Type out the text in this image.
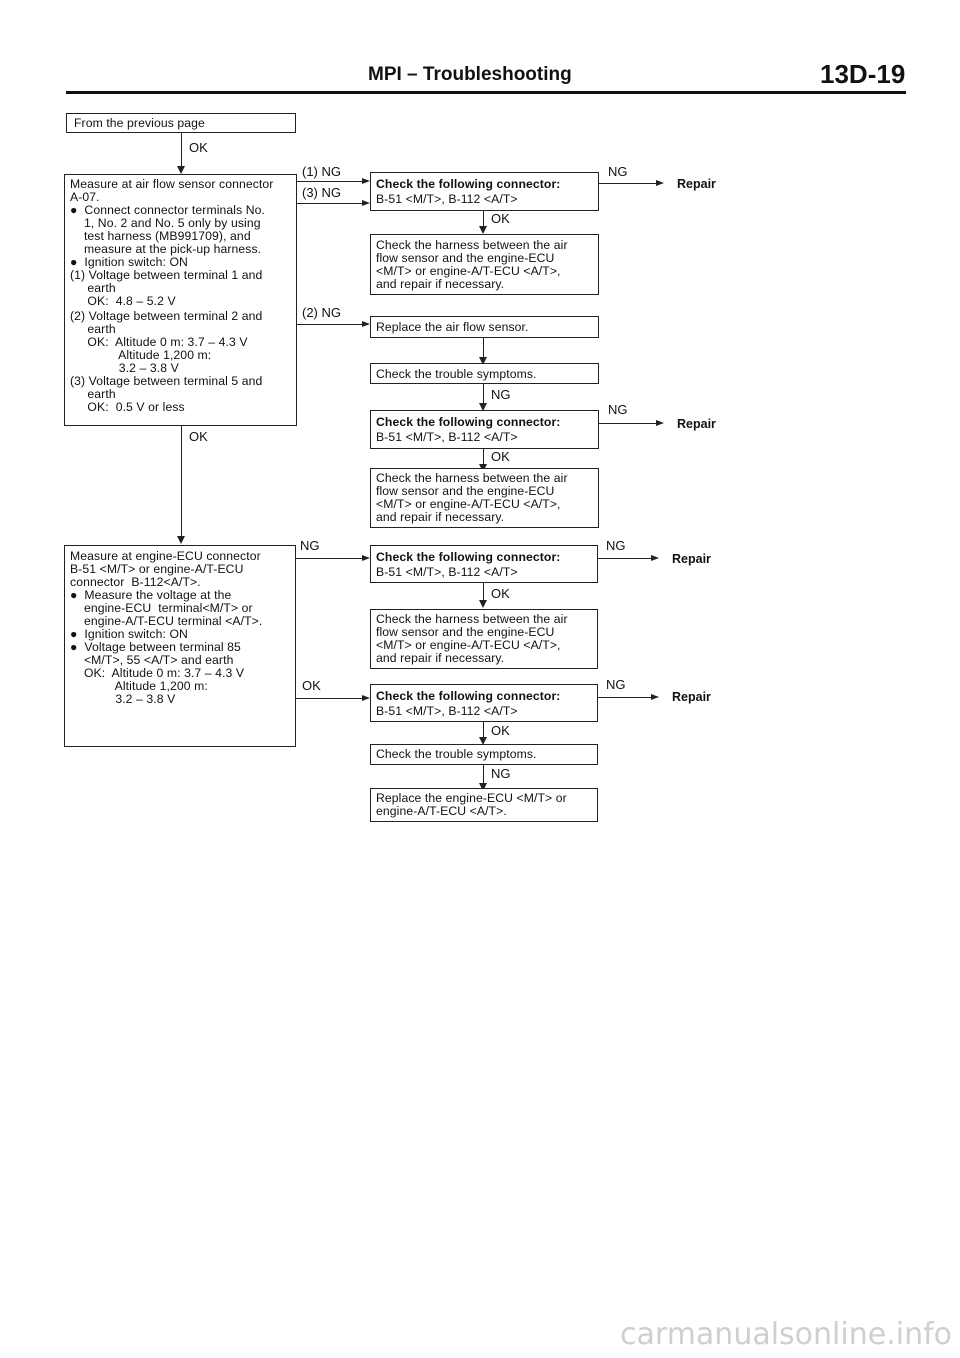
MPI – Troubleshooting	13D-19
From the previous page
OK
Measure at air flow sensor connector
A-07.
●  Connect connector terminals No.
1, No. 2 and No. 5 only by using
test harness (MB991709), and
measure at the pick-up harness.
●  Ignition switch: ON
(1) Voltage between terminal 1 and
earth
OK:  4.8 – 5.2 V
(2) Voltage between terminal 2 and
earth
OK:  Altitude 0 m: 3.7 – 4.3 V
Altitude 1,200 m:
3.2 – 3.8 V
(3) Voltage between terminal 5 and
earth
OK:  0.5 V or less
OK
(1) NG
(3) NG
Check the following connector:
B-51 <M/T>, B-112 <A/T>
NG
Repair
OK
Check the harness between the air
flow sensor and the engine-ECU
<M/T> or engine-A/T-ECU <A/T>,
and repair if necessary.
(2) NG
Replace the air flow sensor.
Check the trouble symptoms.
NG
Check the following connector:
B-51 <M/T>, B-112 <A/T>
NG
Repair
OK
Check the harness between the air
flow sensor and the engine-ECU
<M/T> or engine-A/T-ECU <A/T>,
and repair if necessary.
Measure at engine-ECU connector
B-51 <M/T> or engine-A/T-ECU
connector  B-112<A/T>.
●  Measure the voltage at the
engine-ECU  terminal<M/T> or
engine-A/T-ECU terminal <A/T>.
●  Ignition switch: ON
●  Voltage between terminal 85
<M/T>, 55 <A/T> and earth
OK:  Altitude 0 m: 3.7 – 4.3 V
Altitude 1,200 m:
3.2 – 3.8 V
NG
Check the following connector:
B-51 <M/T>, B-112 <A/T>
NG
Repair
OK
Check the harness between the air
flow sensor and the engine-ECU
<M/T> or engine-A/T-ECU <A/T>,
and repair if necessary.
OK
Check the following connector:
B-51 <M/T>, B-112 <A/T>
NG
Repair
OK
Check the trouble symptoms.
NG
Replace the engine-ECU <M/T> or
engine-A/T-ECU <A/T>.
carmanualsonline.info
